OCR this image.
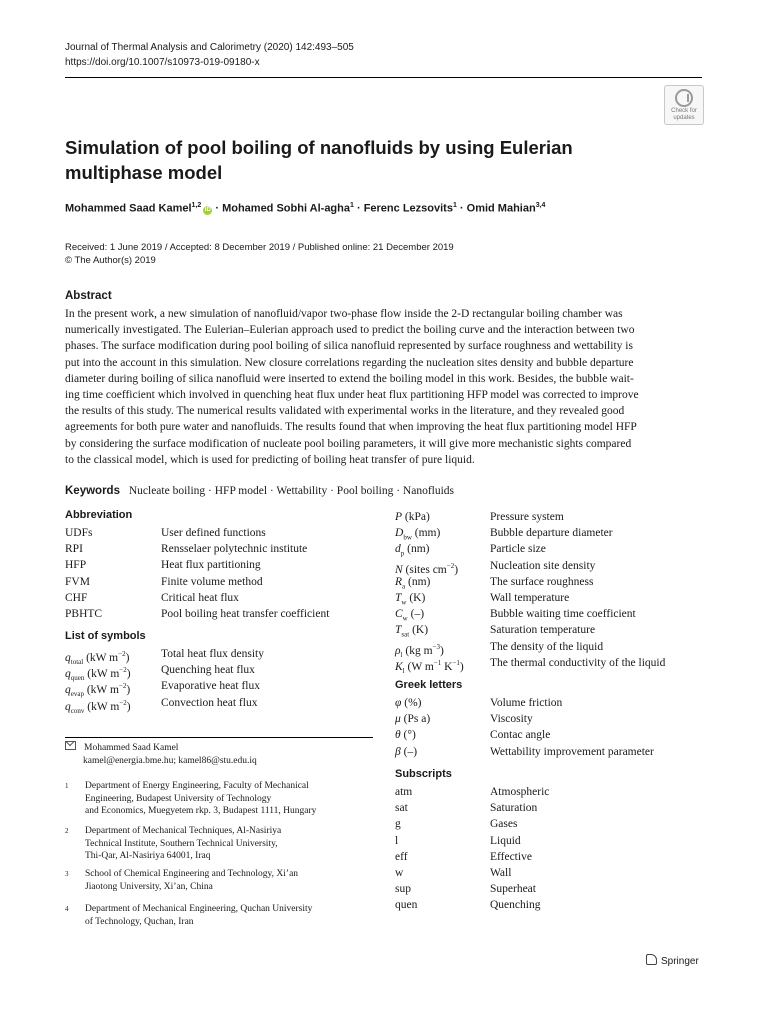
Journal of Thermal Analysis and Calorimetry (2020) 142:493–505
https://doi.org/10.1007/s10973-019-09180-x
Check for
updates
Simulation of pool boiling of nanofluids by using Eulerian multiphase model
Mohammed Saad Kamel$^{1,2}$iD · Mohamed Sobhi Al-agha$^1$ · Ferenc Lezsovits$^1$ · Omid Mahian$^{3,4}$
Received: 1 June 2019 / Accepted: 8 December 2019 / Published online: 21 December 2019
© The Author(s) 2019
Abstract
In the present work, a new simulation of nanofluid/vapor two-phase flow inside the 2-D rectangular boiling chamber was
numerically investigated. The Eulerian–Eulerian approach used to predict the boiling curve and the interaction between two
phases. The surface modification during pool boiling of silica nanofluid represented by surface roughness and wettability is
put into the account in this simulation. New closure correlations regarding the nucleation sites density and bubble departure
diameter during boiling of silica nanofluid were inserted to extend the boiling model in this work. Besides, the bubble wait-
ing time coefficient which involved in quenching heat flux under heat flux partitioning HFP model was corrected to improve
the results of this study. The numerical results validated with experimental works in the literature, and they revealed good
agreements for both pure water and nanofluids. The results found that when improving the heat flux partitioning model HFP
by considering the surface modification of nucleate pool boiling parameters, it will give more mechanistic sights compared
to the classical model, which is used for predicting of boiling heat transfer of pure liquid.
Keywords Nucleate boiling · HFP model · Wettability · Pool boiling · Nanofluids
Abbreviation
List of symbols
Greek letters
Subscripts
Mohammed Saad Kamel
kamel@energia.bme.hu; kamel86@stu.edu.iq
Springer
UDFs	User defined functions
RPI	Rensselaer polytechnic institute
HFP	Heat flux partitioning
FVM	Finite volume method
CHF	Critical heat flux
PBHTC	Pool boiling heat transfer coefficient
$q_{total}$ (kW $m^{-2}$)	Total heat flux density
$q_{quen}$ (kW $m^{-2}$)	Quenching heat flux
$q_{evap}$ (kW $m^{-2}$)	Evaporative heat flux
$q_{conv}$ (kW $m^{-2}$)	Convection heat flux
P (kPa)	Pressure system
$D_{bw}$ (mm)	Bubble departure diameter
$d_p$ (nm)	Particle size
N (sites $cm^{-2}$)	Nucleation site density
$R_a$ (nm)	The surface roughness
$T_w$ (K)	Wall temperature
$C_w$ (–)	Bubble waiting time coefficient
$T_{sat}$ (K)	Saturation temperature
$\rho_l$ (kg $m^{-3}$)	The density of the liquid
$K_l$ (W $m^{-1}$ $K^{-1}$) The thermal conductivity of the liquid
φ (%)	Volume friction
μ (Ps a)	Viscosity
θ (°)	Contac angle
β (–)	Wettability improvement parameter
atm	Atmospheric
sat	Saturation
g	Gases
l	Liquid
eff	Effective
w	Wall
sup	Superheat
quen	Quenching
1 Department of Energy Engineering, Faculty of Mechanical
Engineering, Budapest University of Technology
and Economics, Muegyetem rkp. 3, Budapest 1111, Hungary
2 Department of Mechanical Techniques, Al-Nasiriya
Technical Institute, Southern Technical University,
Thi-Qar, Al-Nasiriya 64001, Iraq
3 School of Chemical Engineering and Technology, Xi’an
Jiaotong University, Xi’an, China
4 Department of Mechanical Engineering, Quchan University
of Technology, Quchan, Iran
